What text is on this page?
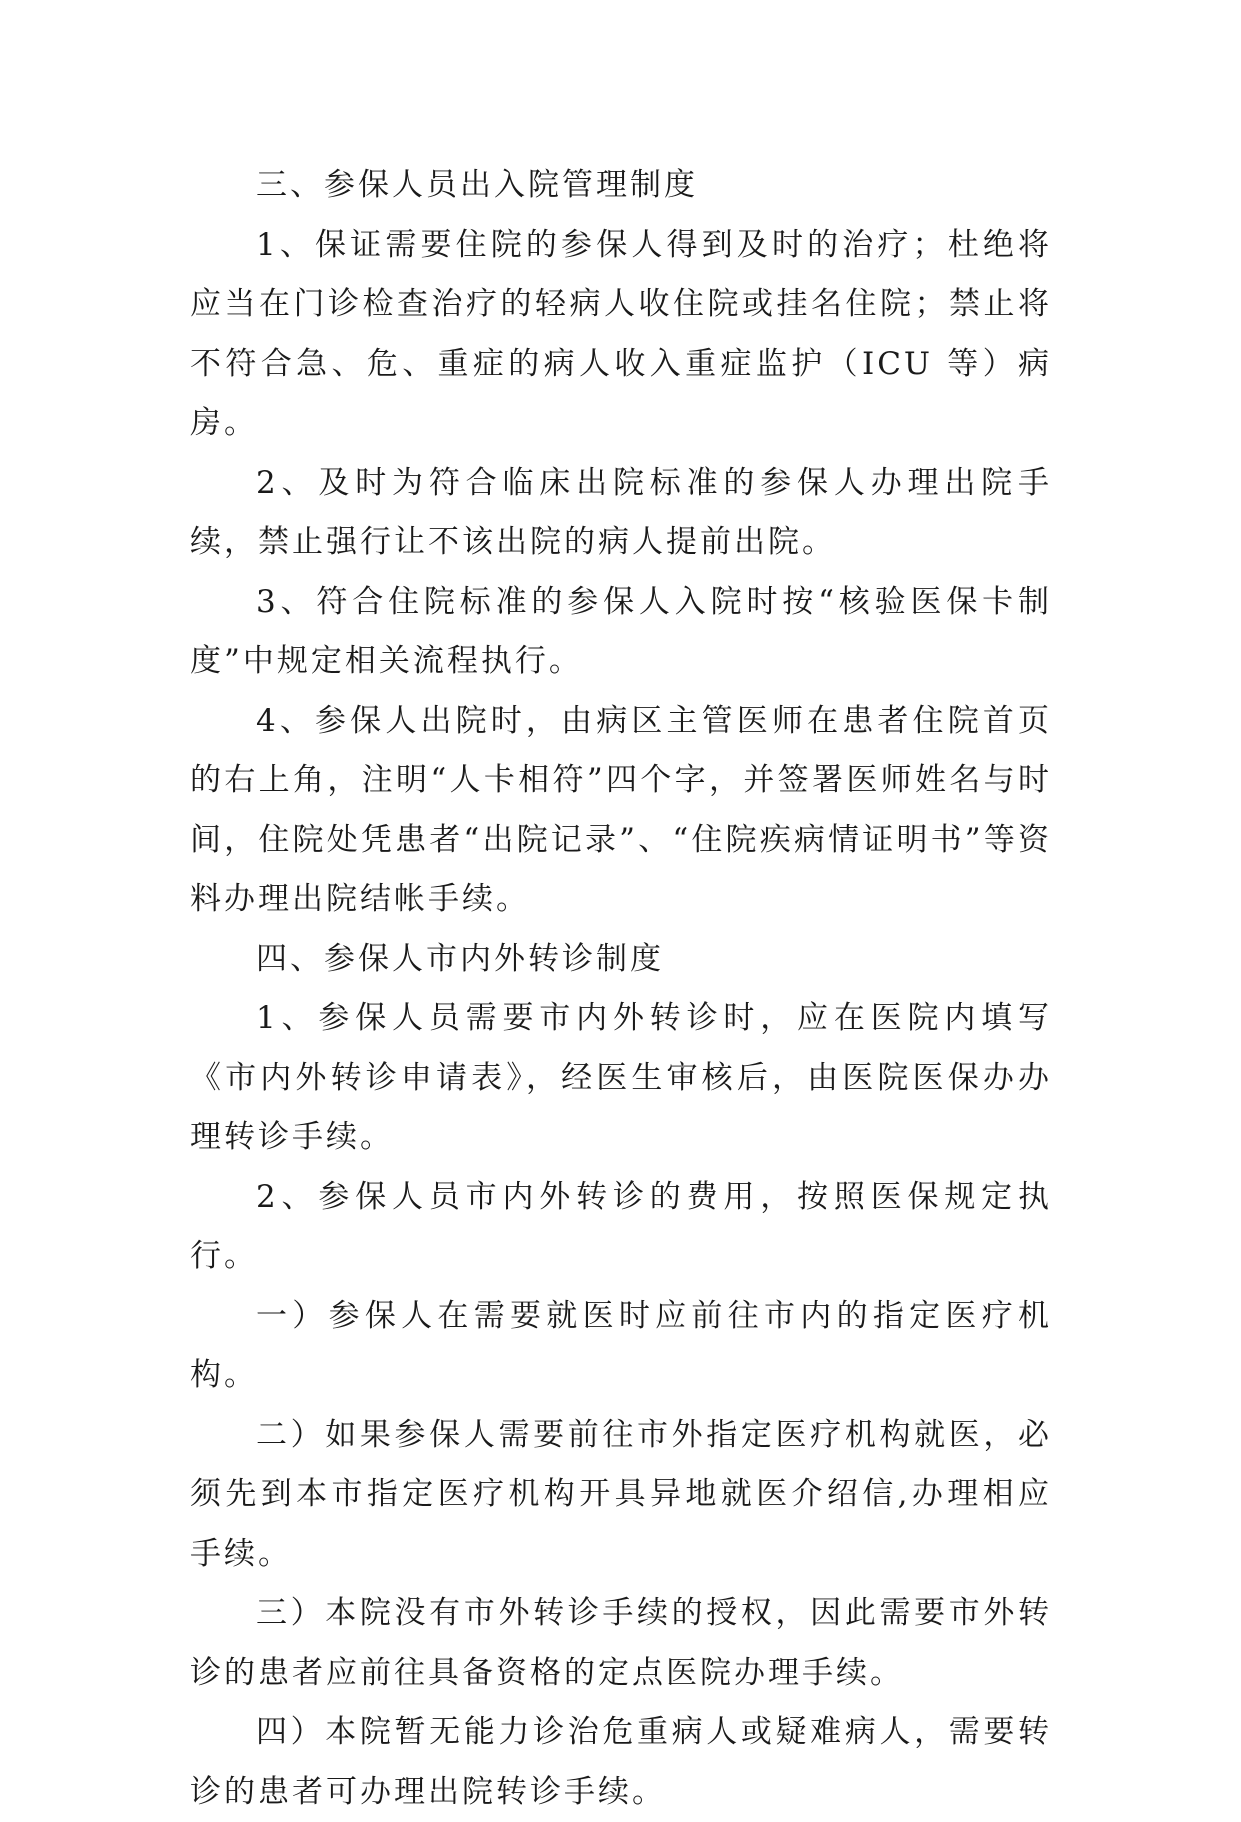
三、参保人员出入院管理制度

1、保证需要住院的参保人得到及时的治疗；杜绝将应当在门诊检查治疗的轻病人收住院或挂名住院；禁止将不符合急、危、重症的病人收入重症监护（ICU 等）病房。

2、及时为符合临床出院标准的参保人办理出院手续，禁止强行让不该出院的病人提前出院。

3、符合住院标准的参保人入院时按“核验医保卡制度”中规定相关流程执行。

4、参保人出院时，由病区主管医师在患者住院首页的右上角，注明“人卡相符”四个字，并签署医师姓名与时间，住院处凭患者“出院记录”、“住院疾病情证明书”等资料办理出院结帐手续。

四、参保人市内外转诊制度

1、参保人员需要市内外转诊时，应在医院内填写《市内外转诊申请表》，经医生审核后，由医院医保办办理转诊手续。

2、参保人员市内外转诊的费用，按照医保规定执行。

一）参保人在需要就医时应前往市内的指定医疗机构。

二）如果参保人需要前往市外指定医疗机构就医，必须先到本市指定医疗机构开具异地就医介绍信,办理相应手续。

三）本院没有市外转诊手续的授权，因此需要市外转诊的患者应前往具备资格的定点医院办理手续。

四）本院暂无能力诊治危重病人或疑难病人，需要转诊的患者可办理出院转诊手续。
